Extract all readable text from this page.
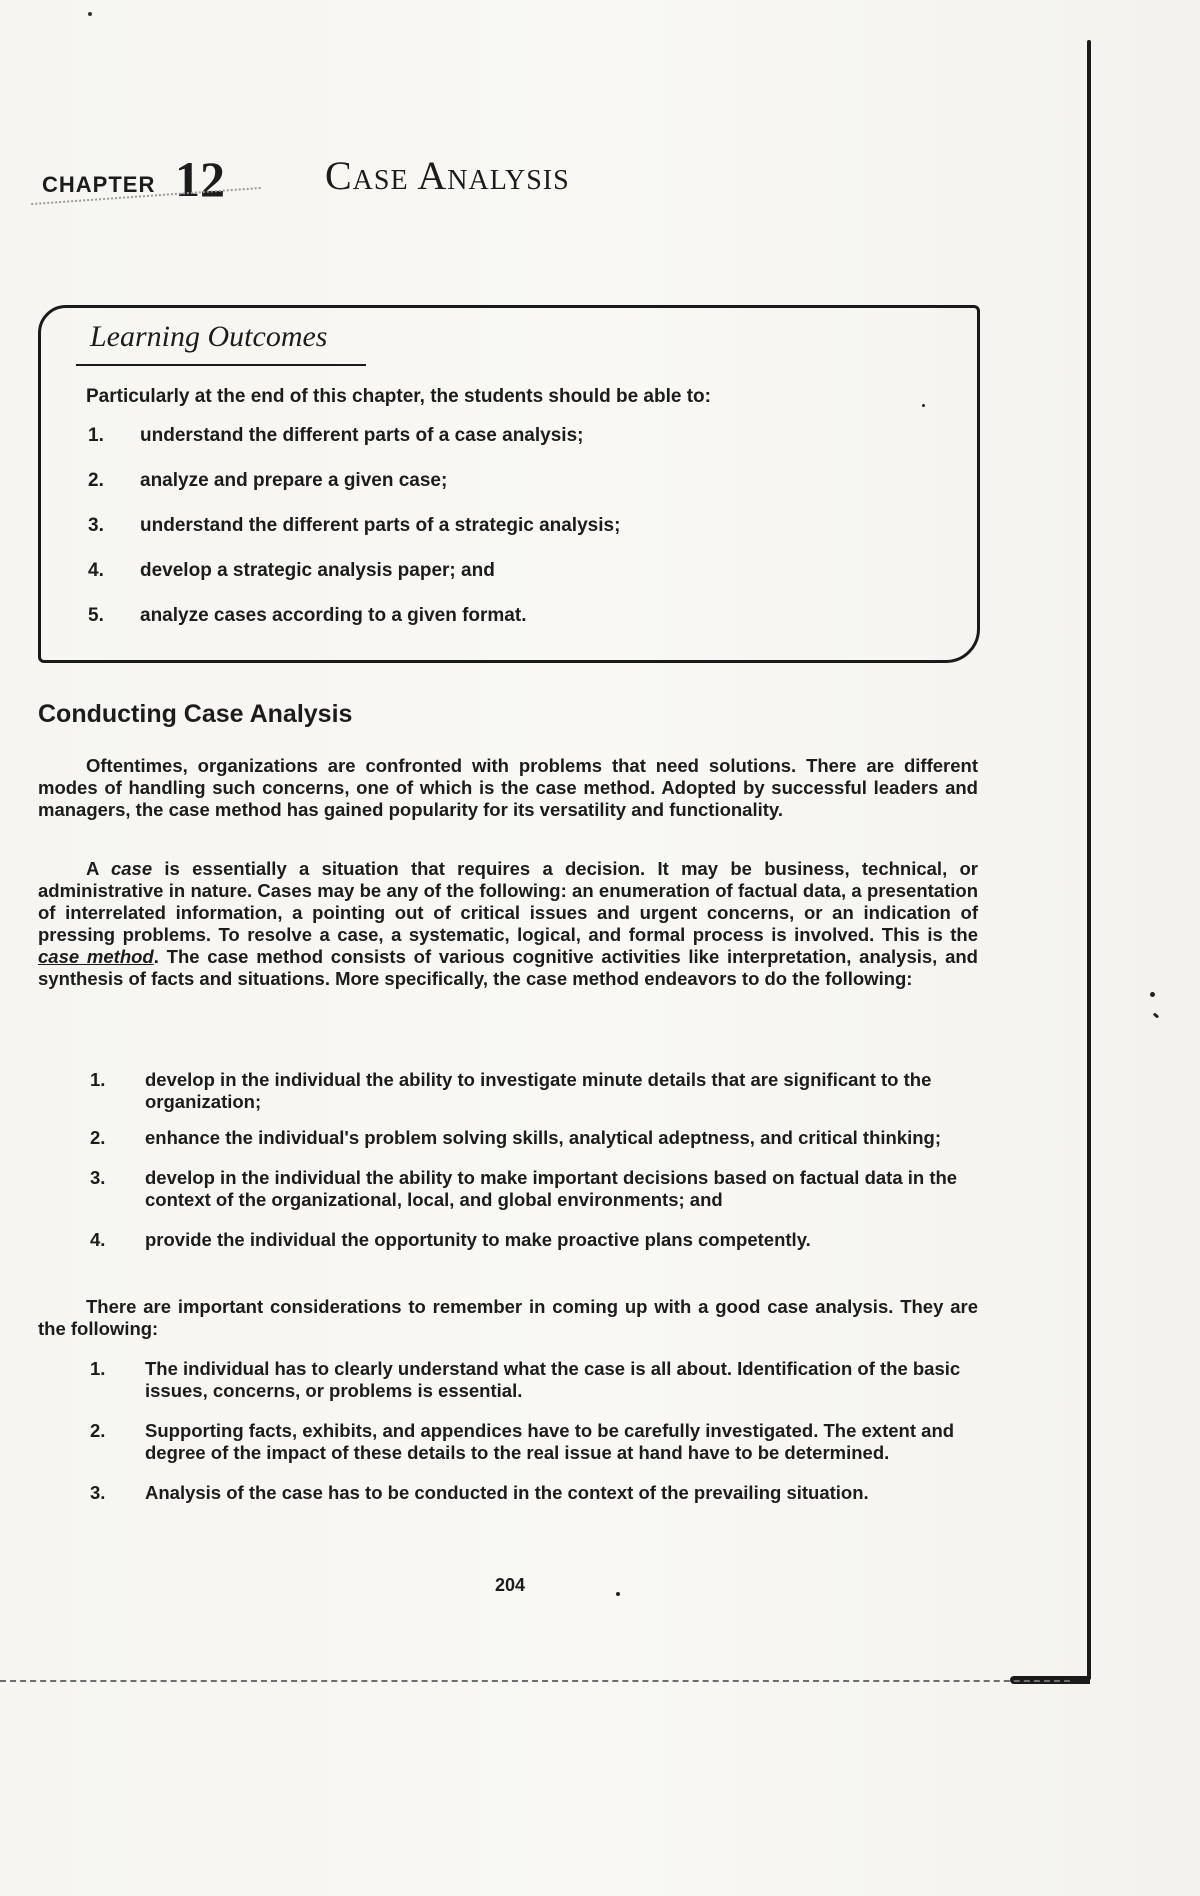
CHAPTER 12	Case Analysis
Learning Outcomes
Particularly at the end of this chapter, the students should be able to:
1.	understand the different parts of a case analysis;
2.	analyze and prepare a given case;
3.	understand the different parts of a strategic analysis;
4.	develop a strategic analysis paper; and
5.	analyze cases according to a given format.
Conducting Case Analysis

Oftentimes, organizations are confronted with problems that need solutions. There are different modes of handling such concerns, one of which is the case method. Adopted by successful leaders and managers, the case method has gained popularity for its versatility and functionality.

A case is essentially a situation that requires a decision. It may be business, technical, or administrative in nature. Cases may be any of the following: an enumeration of factual data, a presentation of interrelated information, a pointing out of critical issues and urgent concerns, or an indication of pressing problems. To resolve a case, a systematic, logical, and formal process is involved. This is the case method. The case method consists of various cognitive activities like interpretation, analysis, and synthesis of facts and situations. More specifically, the case method endeavors to do the following:

1.	develop in the individual the ability to investigate minute details that are significant to the organization;
2.	enhance the individual's problem solving skills, analytical adeptness, and critical thinking;
3.	develop in the individual the ability to make important decisions based on factual data in the context of the organizational, local, and global environments; and
4.	provide the individual the opportunity to make proactive plans competently.

There are important considerations to remember in coming up with a good case analysis. They are the following:

1.	The individual has to clearly understand what the case is all about. Identification of the basic issues, concerns, or problems is essential.
2.	Supporting facts, exhibits, and appendices have to be carefully investigated. The extent and degree of the impact of these details to the real issue at hand have to be determined.
3.	Analysis of the case has to be conducted in the context of the prevailing situation.
204
